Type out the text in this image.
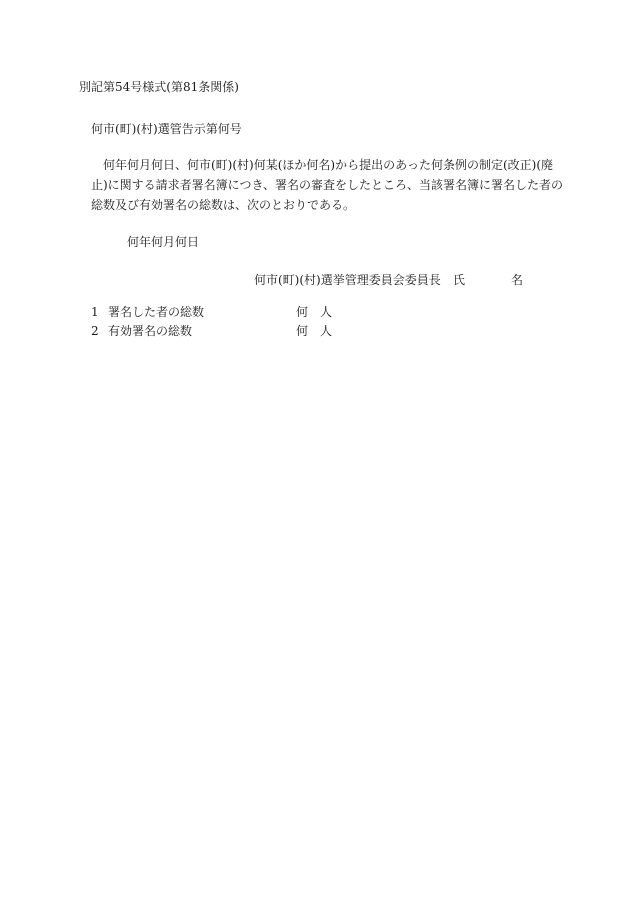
別記第54号様式(第81条関係)
何市(町)(村)選管告示第何号
何年何月何日、何市(町)(村)何某(ほか何名)から提出のあった何条例の制定(改正)(廃
止)に関する請求者署名簿につき、署名の審査をしたところ、当該署名簿に署名した者の
総数及び有効署名の総数は、次のとおりである。
何年何月何日
何市(町)(村)選挙管理委員会委員長 氏	名
1 署名した者の総数	何　人
2 有効署名の総数	何　人
